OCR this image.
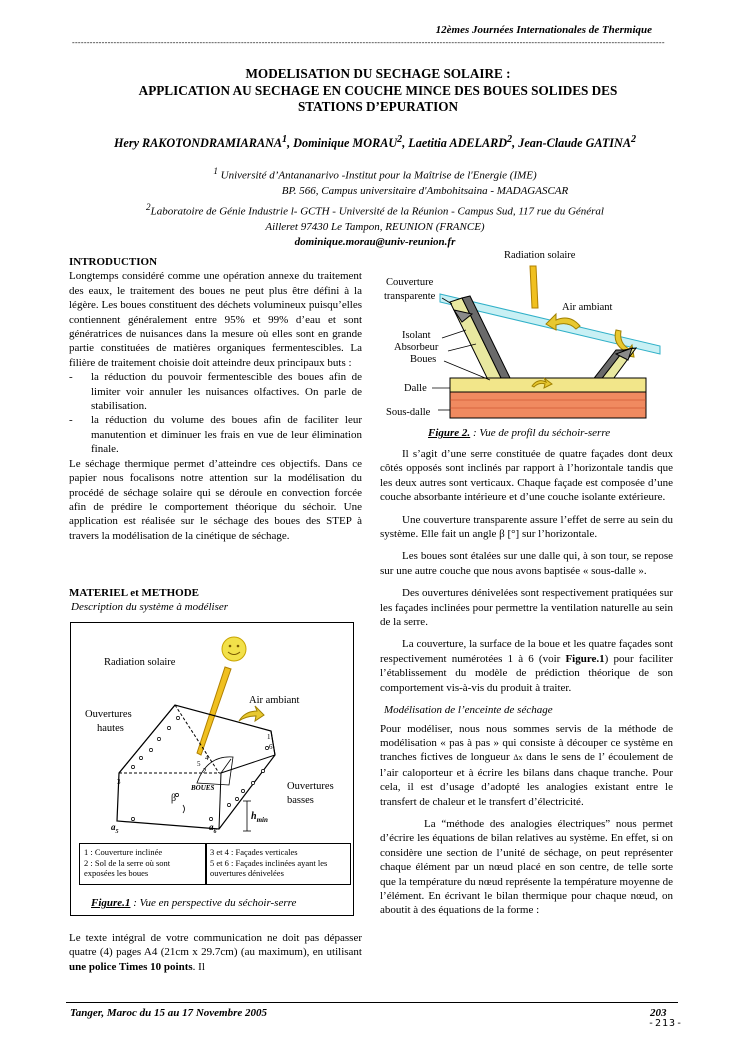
12èmes Journées Internationales de Thermique
--------------------------------------------------------------------------------------------------------------------------------------------------------------------------------------------------------
MODELISATION DU SECHAGE SOLAIRE :
APPLICATION AU SECHAGE EN COUCHE MINCE DES BOUES SOLIDES DES
STATIONS D’EPURATION
Hery RAKOTONDRAMIARANA$^1$, Dominique MORAU$^2$, Laetitia ADELARD$^2$, Jean-Claude GATINA$^2$
$^1$ Université d’Antananarivo -Institut pour la Maîtrise de l'Energie (IME)
BP. 566, Campus universitaire d'Ambohitsaina - MADAGASCAR
$^2$Laboratoire de Génie Industrie l- GCTH - Université de la Réunion - Campus Sud, 117 rue du Général
Ailleret 97430 Le Tampon, REUNION (FRANCE)
dominique.morau@univ-reunion.fr

INTRODUCTION

Longtemps considéré comme une opération annexe du traitement des eaux, le traitement des boues ne peut plus être défini à la légère. Les boues constituent des déchets volumineux puisqu’elles contiennent généralement entre 95% et 99% d’eau et sont génératrices de nuisances dans la mesure où elles sont en grande partie constituées de matières organiques fermentescibles. La filière de traitement choisie doit atteindre deux principaux buts :

- la réduction du pouvoir fermentescible des boues afin de limiter voir annuler les nuisances olfactives. On parle de stabilisation.
- la réduction du volume des boues afin de faciliter leur manutention et diminuer les frais en vue de leur élimination finale.

Le séchage thermique permet d’atteindre ces objectifs. Dans ce papier nous focalisons notre attention sur la modélisation du procédé de séchage solaire qui se déroule en convection forcée afin de prédire le comportement théorique du séchoir. Une application est réalisée sur le séchage des boues des STEP à travers la modélisation de la cinétique de séchage.

MATERIEL et METHODE

Description du système à modéliser

Radiation solaire
Air ambiant
Ouvertures
hautes
Ouvertures
basses
BOUES
β
$h_{min}$
$a_5$	$a_6$
1
2
3
4
5
6
1 : Couverture inclinée
2 : Sol de la serre où sont exposées les boues
3 et 4 : Façades verticales
5 et 6 : Façades inclinées ayant les ouvertures dénivelées
Figure.1 : Vue en perspective du séchoir-serre

Le texte intégral de votre communication ne doit pas dépasser quatre (4) pages A4 (21cm x 29.7cm) (au maximum), en utilisant une police Times 10 points. Il

Radiation solaire
Couverture
transparente
Air ambiant
Isolant
Absorbeur
Boues
Dalle
Sous-dalle
Figure 2. : Vue de profil du séchoir-serre

Il s’agit d’une serre constituée de quatre façades dont deux côtés opposés sont inclinés par rapport à l’horizontale tandis que les deux autres sont verticaux. Chaque façade est composée d’une couche absorbante intérieure et d’une couche isolante extérieure.

Une couverture transparente assure l’effet de serre au sein du système. Elle fait un angle β [°] sur l’horizontale.

Les boues sont étalées sur une dalle qui, à son tour, se repose sur une autre couche que nous avons baptisée « sous-dalle ».

Des ouvertures dénivelées sont respectivement pratiquées sur les façades inclinées pour permettre la ventilation naturelle au sein de la serre.

La couverture, la surface de la boue et les quatre façades sont respectivement numérotées 1 à 6 (voir Figure.1) pour faciliter l’établissement du modèle de prédiction théorique de son comportement vis-à-vis du produit à traiter.

Modélisation de l’enceinte de séchage

Pour modéliser, nous nous sommes servis de la méthode de modélisation « pas à pas » qui consiste à découper ce système en tranches fictives de longueur Δx dans le sens de l’ écoulement de l’air caloporteur et à écrire les bilans dans chaque tranche. Pour cela, il est d’usage d’adopté les analogies existant entre le transfert de chaleur et le transfert d’électricité.

La “méthode des analogies électriques” nous permet d’écrire les équations de bilan relatives au système. En effet, si on considère une section de l’unité de séchage, on peut représenter chaque élément par un nœud placé en son centre, de telle sorte que la température du nœud représente la température moyenne de l’élément. En écrivant le bilan thermique pour chaque nœud, on aboutit à des équations de la forme :

Tanger, Maroc du 15 au 17 Novembre 2005	203
-213-
